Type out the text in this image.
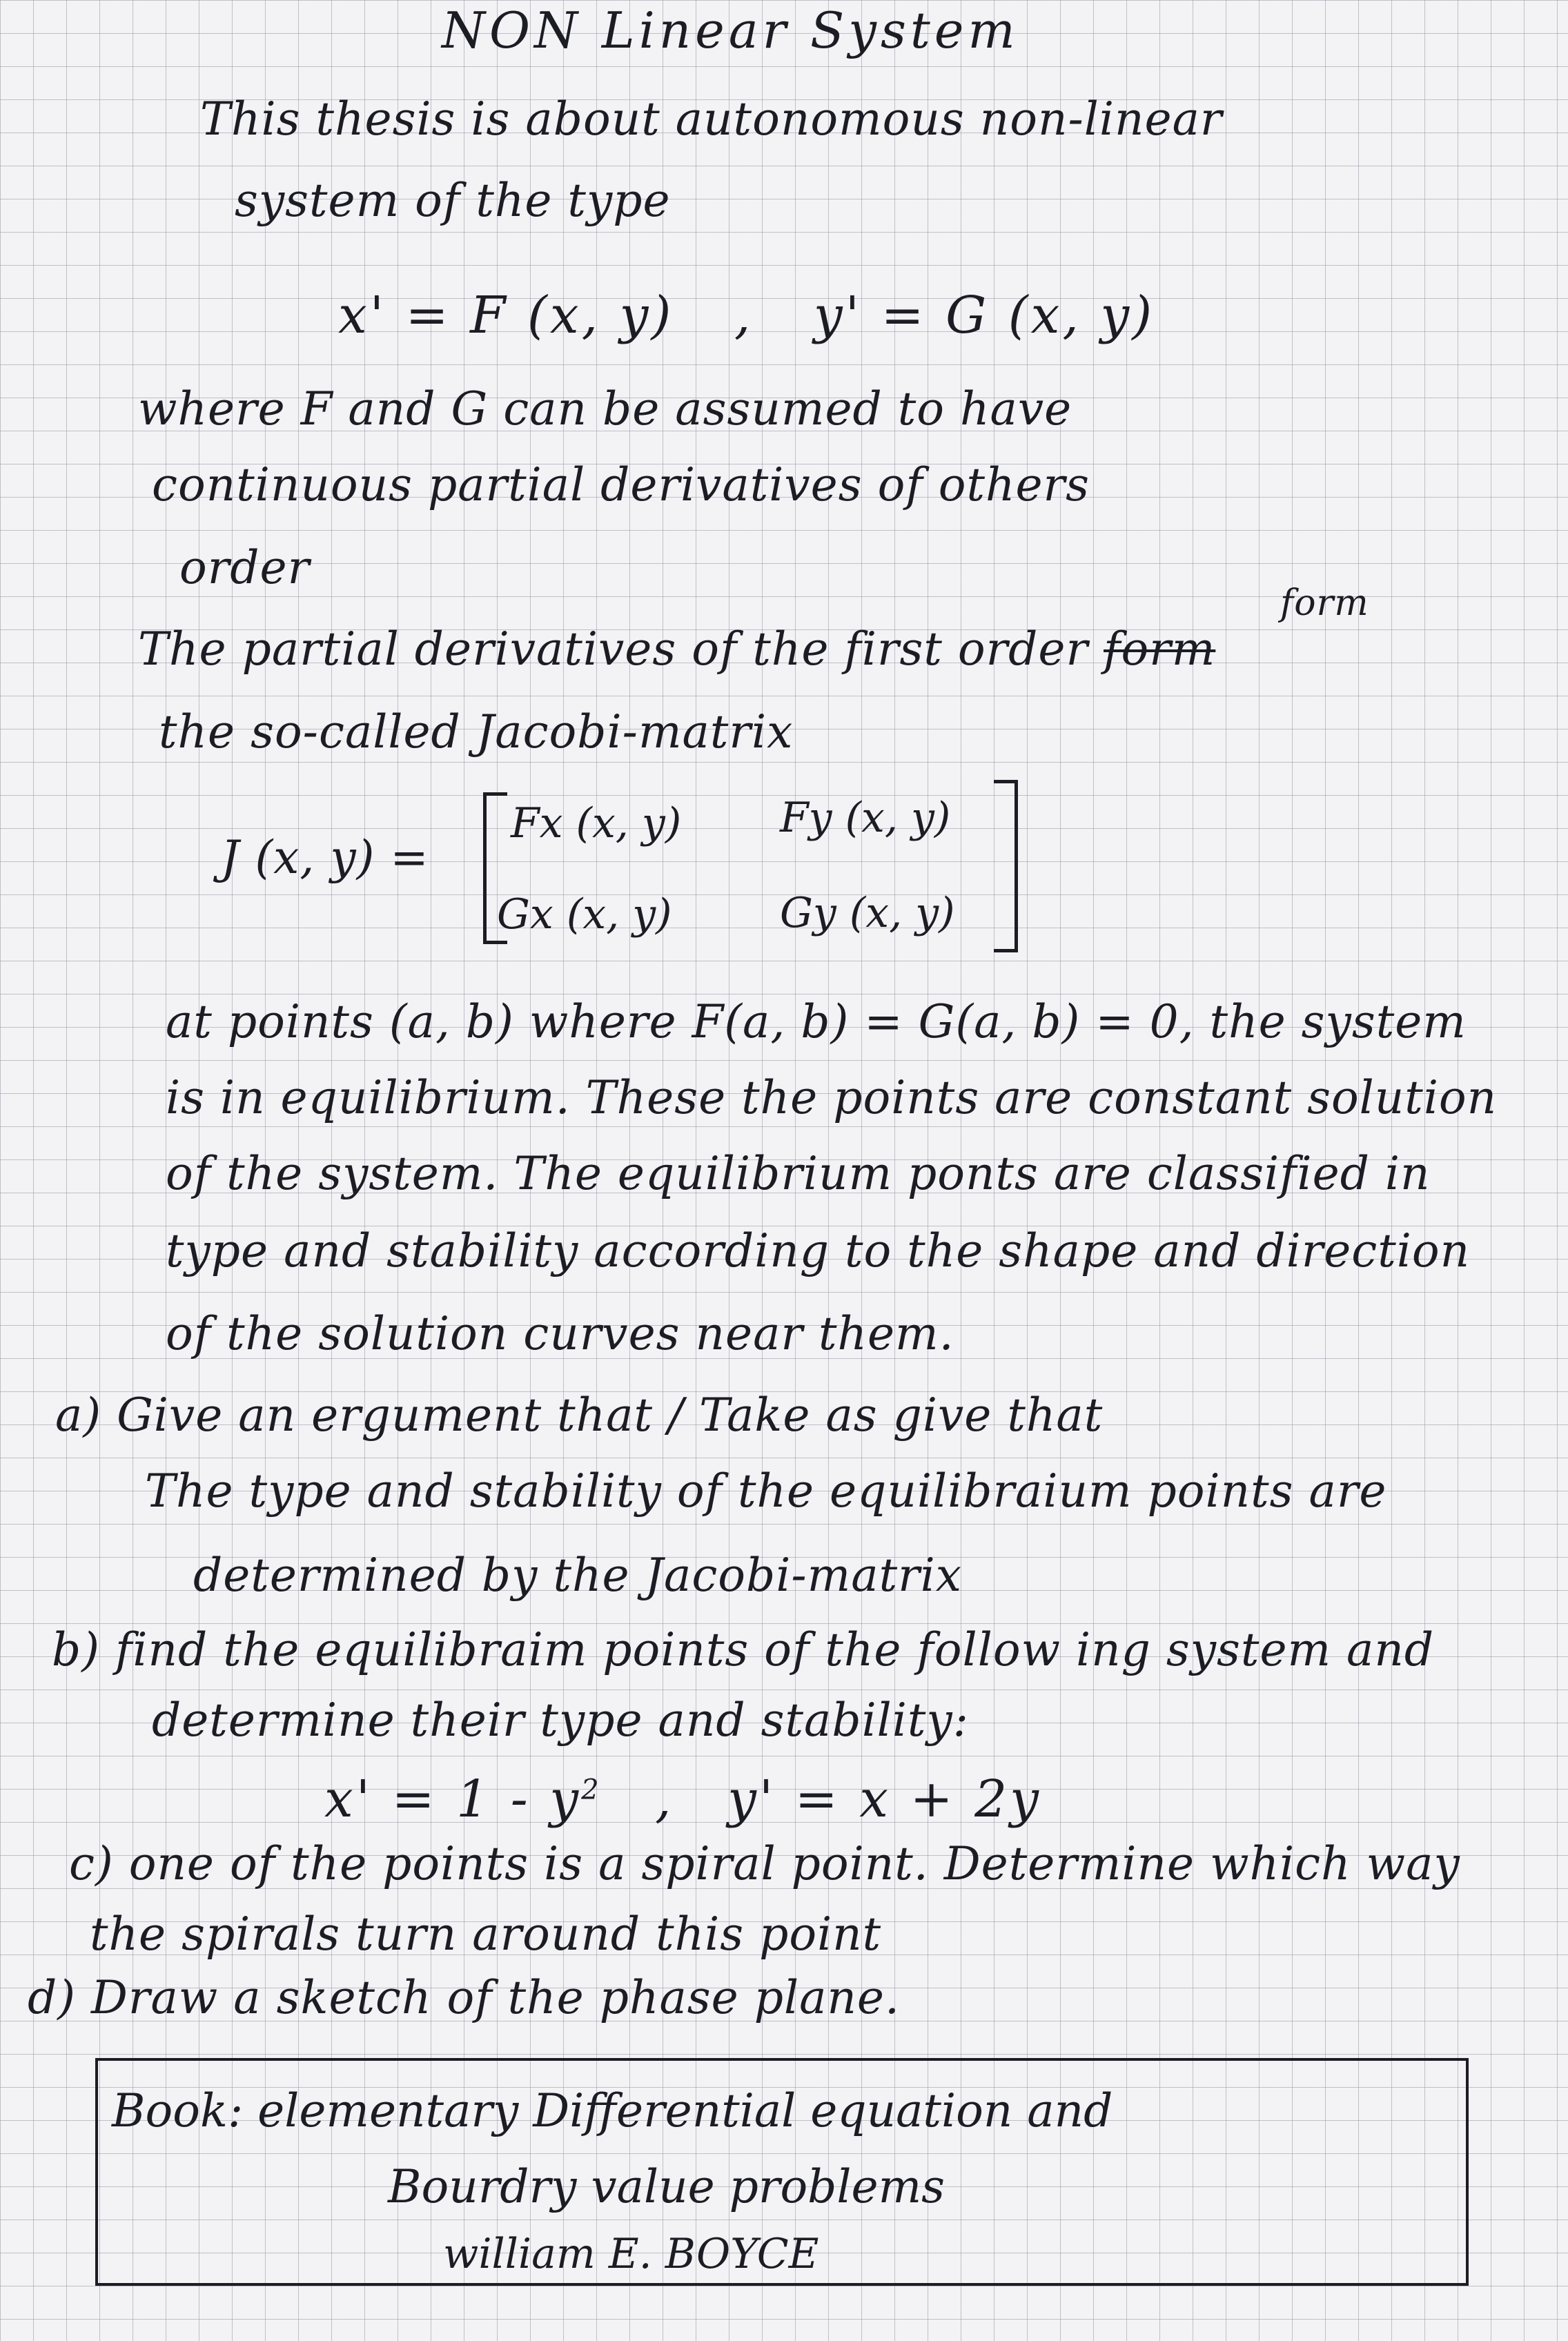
NON Linear System
This thesis is about autonomous non-linear
system of the type
x' = F (x, y) , y' = G (x, y)
where F and G can be assumed to have
continuous partial derivatives of others
order
form
The partial derivatives of the first order form
the so-called Jacobi-matrix
J (x, y) =
Fx (x, y) Fy (x, y)
Gx (x, y)	Gy (x, y)
at points (a, b) where F(a, b) = G(a, b) = 0, the system
is in equilibrium. These the points are constant solution
of the system. The equilibrium ponts are classified in
type and stability according to the shape and direction
of the solution curves near them.
a) Give an ergument that / Take as give that
The type and stability of the equilibraium points are
determined by the Jacobi-matrix
b) find the equilibraim points of the follow ing system and
determine their type and stability:
$x' = 1 - y^2$ , y' = x + 2y
c) one of the points is a spiral point. Determine which way
the spirals turn around this point
d) Draw a sketch of the phase plane.
Book: elementary Differential equation and
Bourdry value problems
william E. BOYCE
